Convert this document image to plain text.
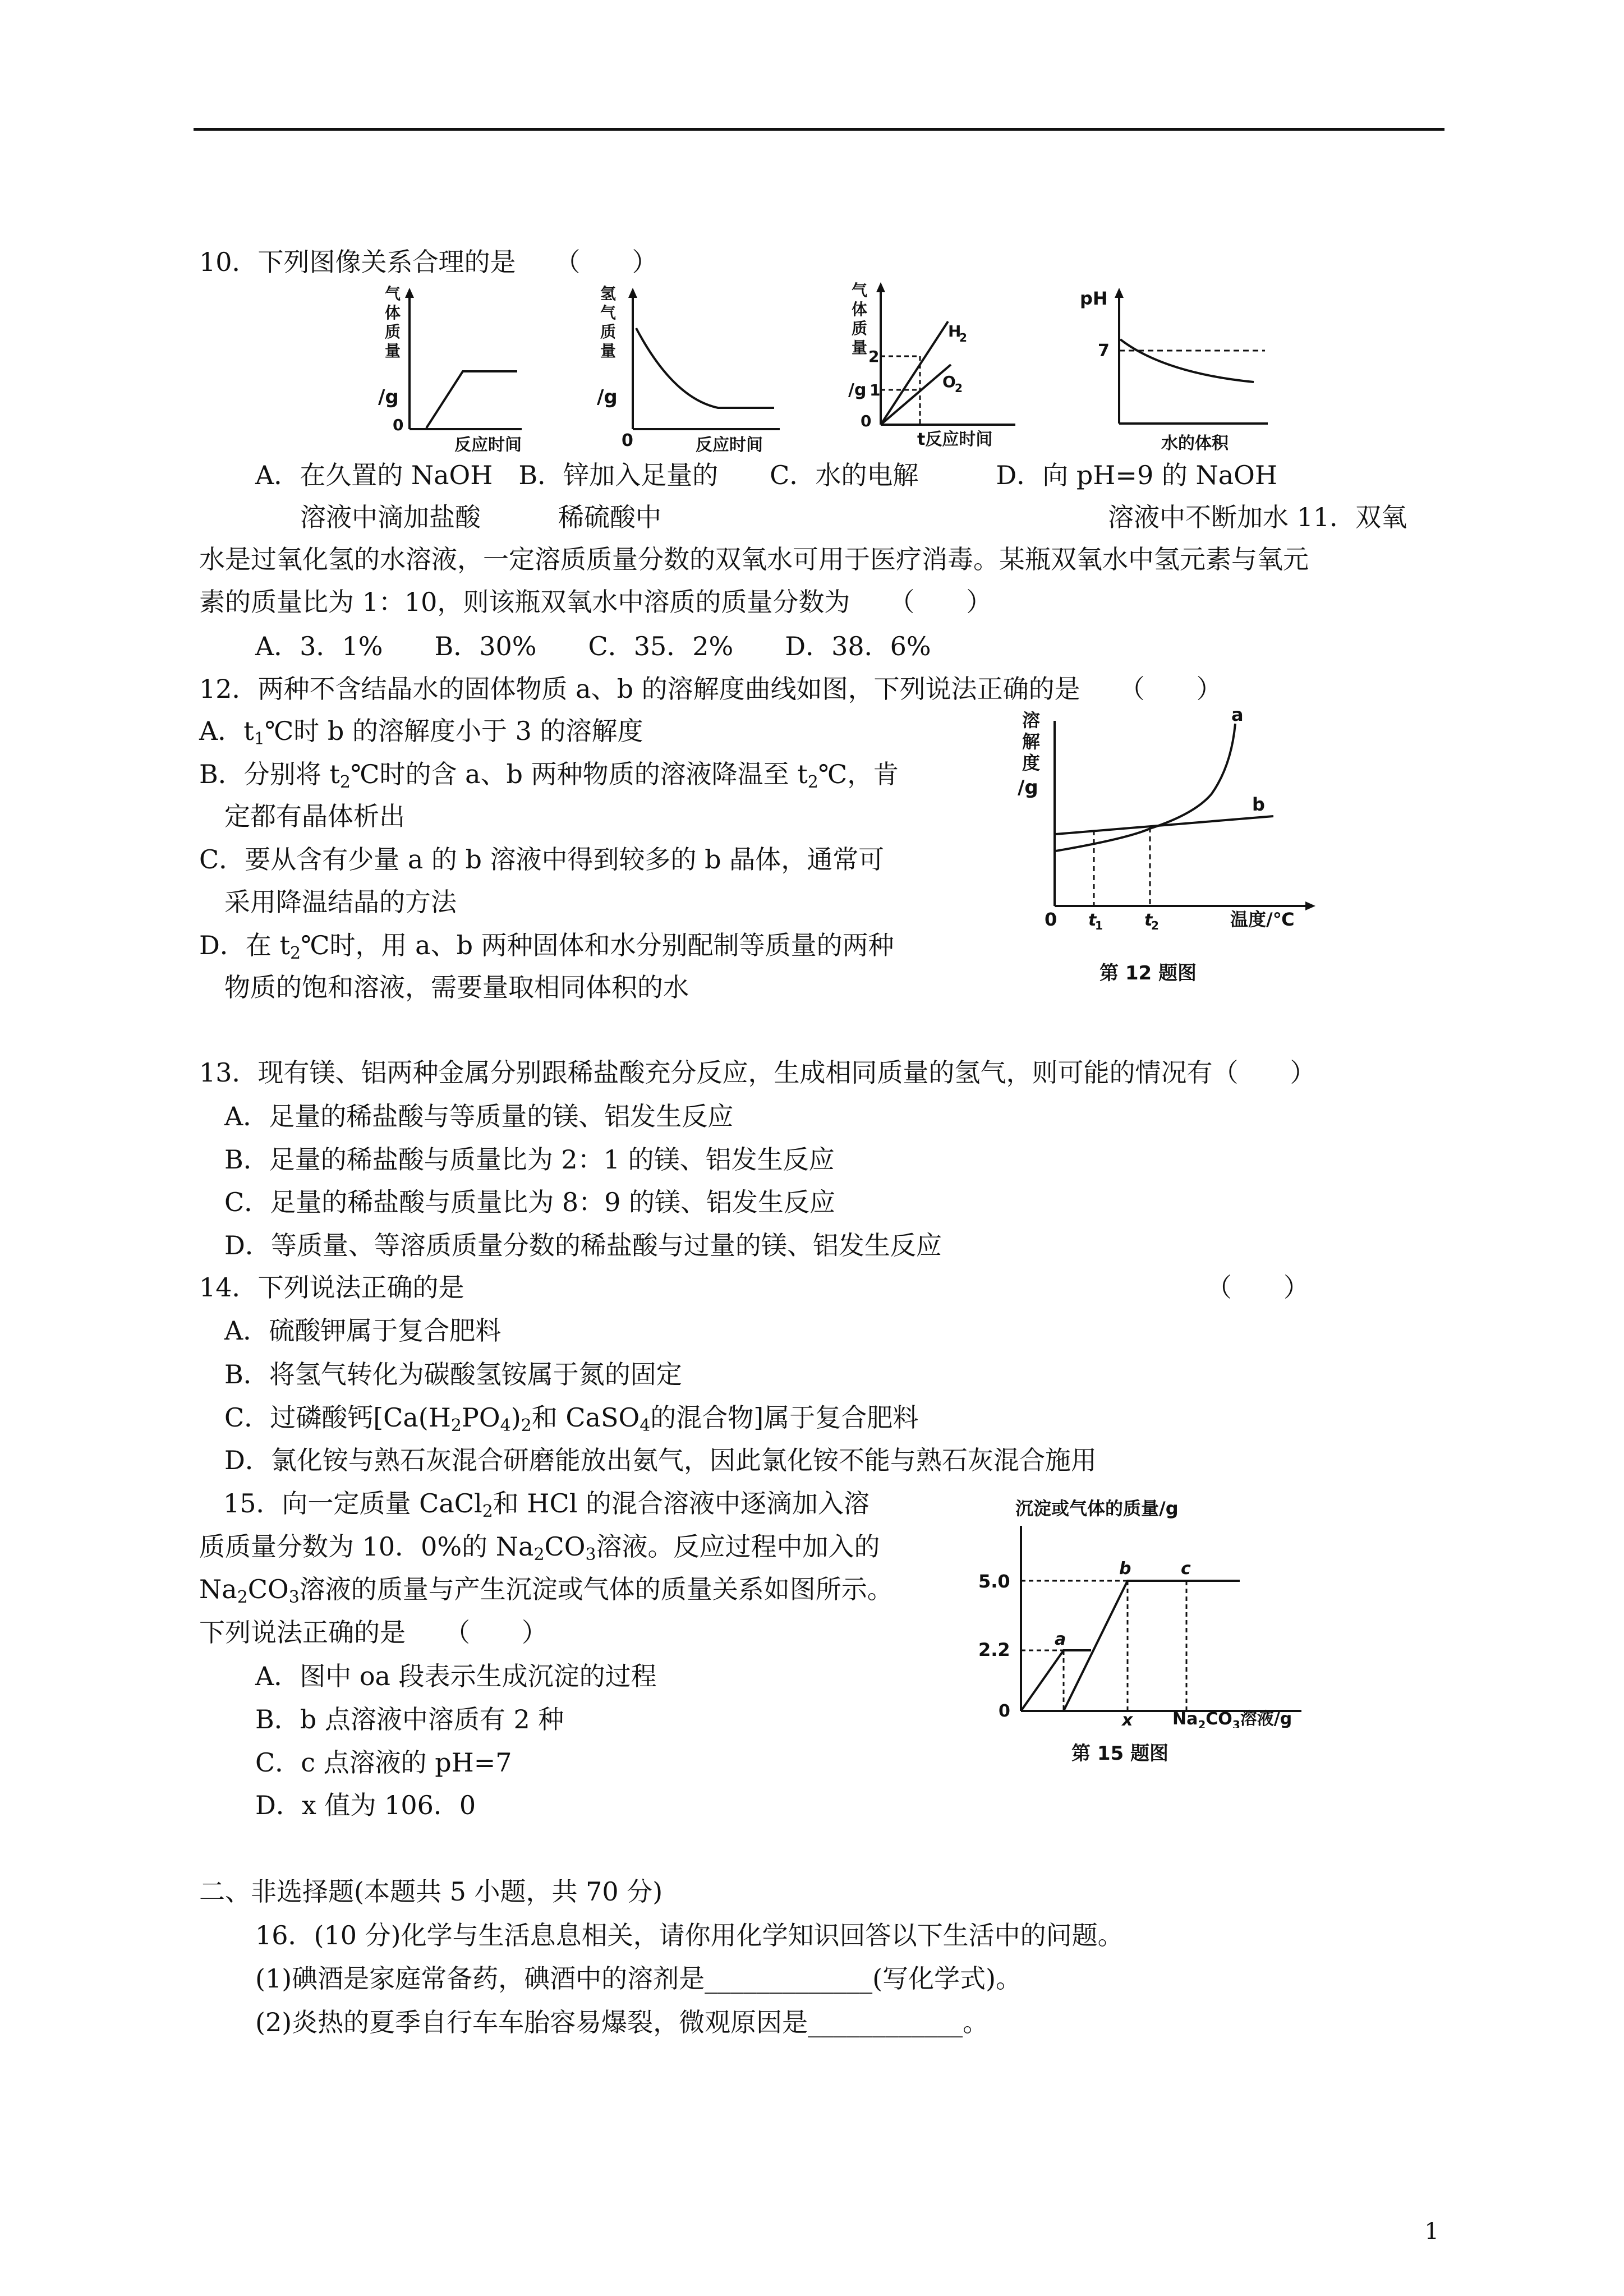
10．下列图像关系合理的是　　（　　）
气
体
质
量
/g
0
反应时间
氢
气
质
量
/g
0	反应时间
气
体
质
量
/g
2
1
0
H
2
O
2
t反应时间
pH
7
水的体积
A．在久置的 NaOH　B．锌加入足量的　　C．水的电解　　　D．向 pH=9 的 NaOH
溶液中滴加盐酸　　　稀硫酸中	溶液中不断加水 11．双氧
水是过氧化氢的水溶液，一定溶质质量分数的双氧水可用于医疗消毒。某瓶双氧水中氢元素与氧元
素的质量比为 1：10，则该瓶双氧水中溶质的质量分数为　　（　　）
A．3．1%　　B．30%　　C．35．2%　　D．38．6%
12．两种不含结晶水的固体物质 a、b 的溶解度曲线如图，下列说法正确的是　　（　　）
A．$t_1℃$时 b 的溶解度小于 3 的溶解度
B．分别将 $t_2℃$时的含 a、b 两种物质的溶液降温至 $t_2℃$，肯
定都有晶体析出
C．要从含有少量 a 的 b 溶液中得到较多的 b 晶体，通常可
采用降温结晶的方法
D．在 $t_2℃$时，用 a、b 两种固体和水分别配制等质量的两种
物质的饱和溶液，需要量取相同体积的水
溶
解
度
/g
a
b
0 t
1 t
2	温度/℃
第 12 题图
13．现有镁、铝两种金属分别跟稀盐酸充分反应，生成相同质量的氢气，则可能的情况有（　　）
A．足量的稀盐酸与等质量的镁、铝发生反应
B．足量的稀盐酸与质量比为 2：1 的镁、铝发生反应
C．足量的稀盐酸与质量比为 8：9 的镁、铝发生反应
D．等质量、等溶质质量分数的稀盐酸与过量的镁、铝发生反应
14．下列说法正确的是	（　　）
A．硫酸钾属于复合肥料
B．将氢气转化为碳酸氢铵属于氮的固定
C．过磷酸钙[$Ca(H_2PO_4)_2$和 CaSO$_4$的混合物]属于复合肥料
D．氯化铵与熟石灰混合研磨能放出氨气，因此氯化铵不能与熟石灰混合施用
15．向一定质量 CaCl$_2$和 HCl 的混合溶液中逐滴加入溶
质质量分数为 10．0%的 $Na_2CO_3$溶液。反应过程中加入的
$Na_2CO_3$溶液的质量与产生沉淀或气体的质量关系如图所示。
下列说法正确的是　　（　　）
A．图中 oa 段表示生成沉淀的过程
B．b 点溶液中溶质有 2 种
C．c 点溶液的 pH=7
D．x 值为 106．0
沉淀或气体的质量/g
5.0
2.2
0
a
b	c
x $Na_2CO_3$溶液/g
第 15 题图
二、非选择题(本题共 5 小题，共 70 分)
16．(10 分)化学与生活息息相关，请你用化学知识回答以下生活中的问题。
(1)碘酒是家庭常备药，碘酒中的溶剂是_____________(写化学式)。
(2)炎热的夏季自行车车胎容易爆裂，微观原因是____________。
1
